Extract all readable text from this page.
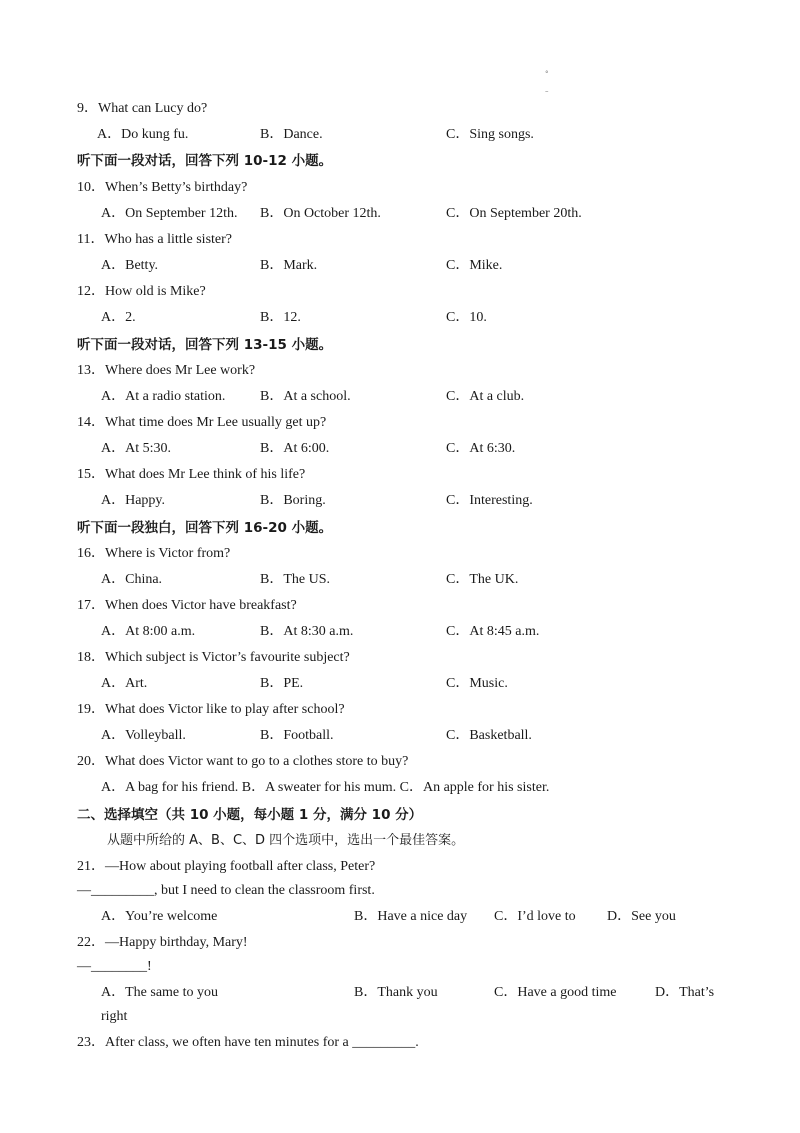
°
–
9．What can Lucy do?
A．Do kung fu.	B．Dance.	C．Sing songs.
听下面一段对话，回答下列 10-12 小题。
10．When’s Betty’s birthday?
A．On September 12th. B．On October 12th.	C．On September 20th.
11．Who has a little sister?
A．Betty.	B．Mark.	C．Mike.
12．How old is Mike?
A．2.	B．12.	C．10.
听下面一段对话，回答下列 13-15 小题。
13．Where does Mr Lee work?
A．At a radio station. B．At a school.	C．At a club.
14．What time does Mr Lee usually get up?
A．At 5:30.	B．At 6:00.	C．At 6:30.
15．What does Mr Lee think of his life?
A．Happy.	B．Boring.	C．Interesting.
听下面一段独白，回答下列 16-20 小题。
16．Where is Victor from?
A．China.	B．The US.	C．The UK.
17．When does Victor have breakfast?
A．At 8:00 a.m.	B．At 8:30 a.m.	C．At 8:45 a.m.
18．Which subject is Victor’s favourite subject?
A．Art.	B．PE.	C．Music.
19．What does Victor like to play after school?
A．Volleyball.	B．Football.	C．Basketball.
20．What does Victor want to go to a clothes store to buy?
A．A bag for his friend. B．A sweater for his mum. C．An apple for his sister.
二、选择填空（共 10 小题，每小题 1 分，满分 10 分）
从题中所给的 A、B、C、D 四个选项中，选出一个最佳答案。
21．—How about playing football after class, Peter?
—_________, but I need to clean the classroom first.
A．You’re welcome	B．Have a nice day C．I’d love to D．See you
22．—Happy birthday, Mary!
—________!
A．The same to you	B．Thank you	C．Have a good time	D．That’s
right
23．After class, we often have ten minutes for a _________.
